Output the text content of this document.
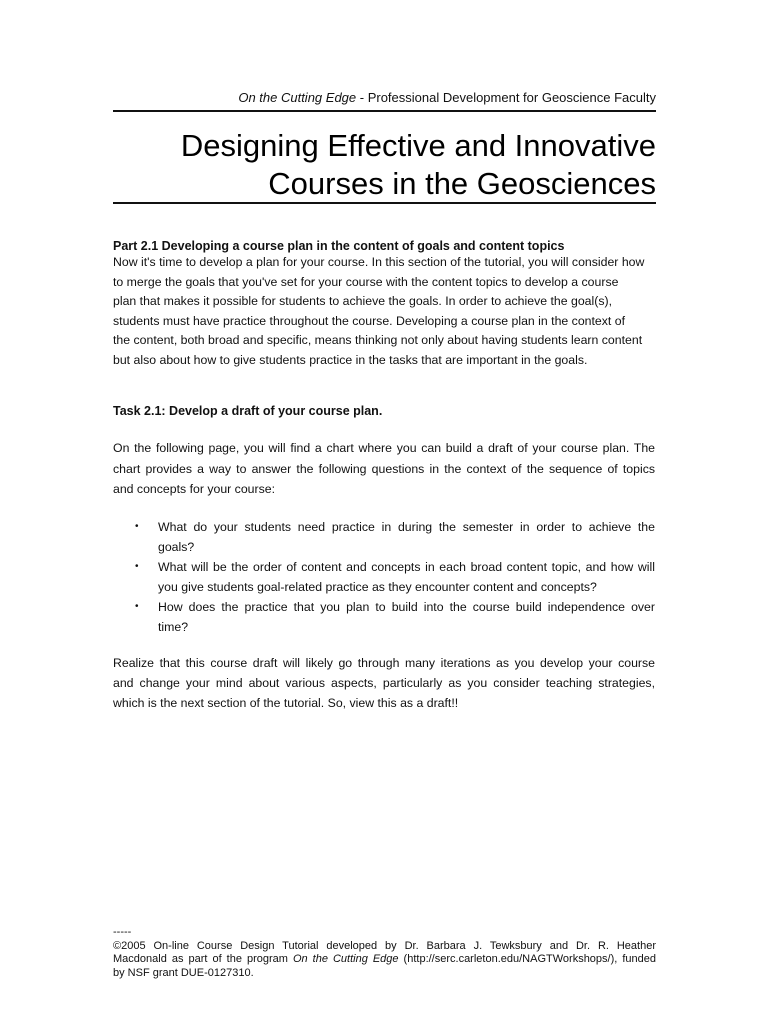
On the Cutting Edge - Professional Development for Geoscience Faculty
Designing Effective and Innovative
Courses in the Geosciences
Part 2.1 Developing a course plan in the content of goals and content topics
Now it's time to develop a plan for your course. In this section of the tutorial, you will consider how
to merge the goals that you've set for your course with the content topics to develop a course
plan that makes it possible for students to achieve the goals. In order to achieve the goal(s),
students must have practice throughout the course. Developing a course plan in the context of
the content, both broad and specific, means thinking not only about having students learn content
but also about how to give students practice in the tasks that are important in the goals.
Task 2.1: Develop a draft of your course plan.
On the following page, you will find a chart where you can build a draft of your course plan. The
chart provides a way to answer the following questions in the context of the sequence of topics
and concepts for your course:
• What do your students need practice in during the semester in order to achieve the
goals?
• What will be the order of content and concepts in each broad content topic, and how will
you give students goal-related practice as they encounter content and concepts?
• How does the practice that you plan to build into the course build independence over
time?
Realize that this course draft will likely go through many iterations as you develop your course
and change your mind about various aspects, particularly as you consider teaching strategies,
which is the next section of the tutorial. So, view this as a draft!!
-----
©2005 On-line Course Design Tutorial developed by Dr. Barbara J. Tewksbury and Dr. R. Heather
Macdonald as part of the program On the Cutting Edge (http://serc.carleton.edu/NAGTWorkshops/), funded
by NSF grant DUE-0127310.
